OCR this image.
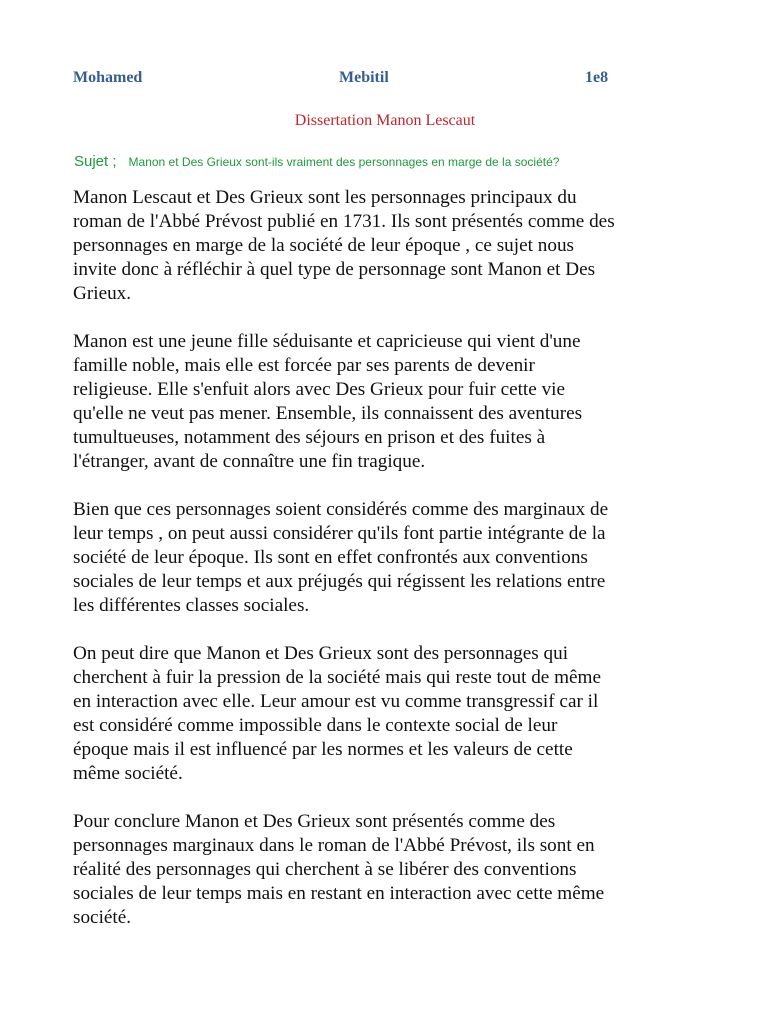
Mohamed	Mebitil	1e8
Dissertation Manon Lescaut
Sujet ; Manon et Des Grieux sont-ils vraiment des personnages en marge de la société?

Manon Lescaut et Des Grieux sont les personnages principaux du
roman de l'Abbé Prévost publié en 1731. Ils sont présentés comme des
personnages en marge de la société de leur époque , ce sujet nous
invite donc à réfléchir à quel type de personnage sont Manon et Des
Grieux.

Manon est une jeune fille séduisante et capricieuse qui vient d'une
famille noble, mais elle est forcée par ses parents de devenir
religieuse. Elle s'enfuit alors avec Des Grieux pour fuir cette vie
qu'elle ne veut pas mener. Ensemble, ils connaissent des aventures
tumultueuses, notamment des séjours en prison et des fuites à
l'étranger, avant de connaître une fin tragique.

Bien que ces personnages soient considérés comme des marginaux de
leur temps , on peut aussi considérer qu'ils font partie intégrante de la
société de leur époque. Ils sont en effet confrontés aux conventions
sociales de leur temps et aux préjugés qui régissent les relations entre
les différentes classes sociales.

On peut dire que Manon et Des Grieux sont des personnages qui
cherchent à fuir la pression de la société mais qui reste tout de même
en interaction avec elle. Leur amour est vu comme transgressif car il
est considéré comme impossible dans le contexte social de leur
époque mais il est influencé par les normes et les valeurs de cette
même société.

Pour conclure Manon et Des Grieux sont présentés comme des
personnages marginaux dans le roman de l'Abbé Prévost, ils sont en
réalité des personnages qui cherchent à se libérer des conventions
sociales de leur temps mais en restant en interaction avec cette même
société.
